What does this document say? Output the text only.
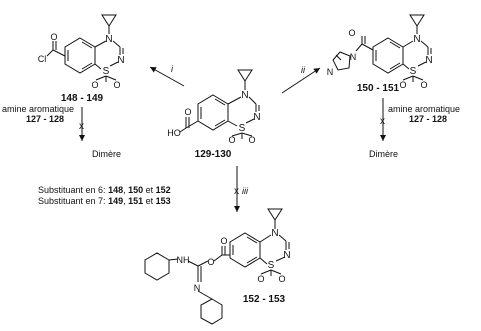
N
N
S
O O
O
HO
129-130
N
N
S
O O
O
Cl
148 - 149
N
N
S
O O
O
N
N
150 - 151
N
N
S
O O
O
O
NH
N
152 - 153
i	ii
x iii
x	x
amine aromatique
127 - 128
amine aromatique
127 - 128
Dimère	Dimère
Substituant en 6: 148, 150 et 152
Substituant en 7: 149, 151 et 153
